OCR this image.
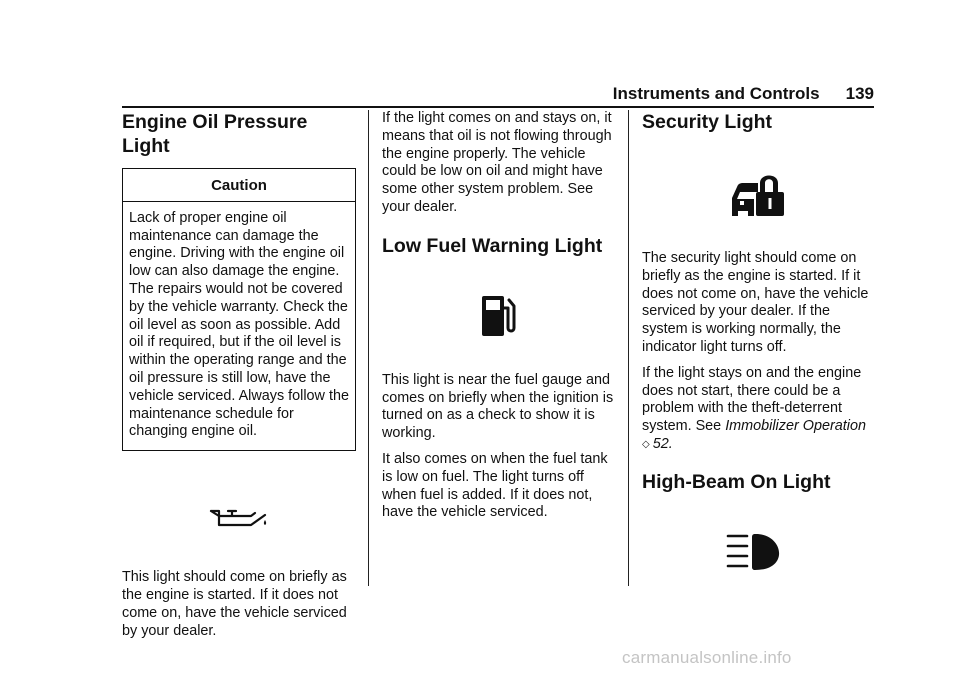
Instruments and Controls 139
Engine Oil Pressure Light
Caution
Lack of proper engine oil maintenance can damage the engine. Driving with the engine oil low can also damage the engine. The repairs would not be covered by the vehicle warranty. Check the oil level as soon as possible. Add oil if required, but if the oil level is within the operating range and the oil pressure is still low, have the vehicle serviced. Always follow the maintenance schedule for changing engine oil.

This light should come on briefly as the engine is started. If it does not come on, have the vehicle serviced by your dealer.

If the light comes on and stays on, it means that oil is not flowing through the engine properly. The vehicle could be low on oil and might have some other system problem. See your dealer.

Low Fuel Warning Light

This light is near the fuel gauge and comes on briefly when the ignition is turned on as a check to show it is working.

It also comes on when the fuel tank is low on fuel. The light turns off when fuel is added. If it does not, have the vehicle serviced.

Security Light

The security light should come on briefly as the engine is started. If it does not come on, have the vehicle serviced by your dealer. If the system is working normally, the indicator light turns off.

If the light stays on and the engine does not start, there could be a problem with the theft-deterrent system. See Immobilizer Operation
◇ 52.

High-Beam On Light
carmanualsonline.info
